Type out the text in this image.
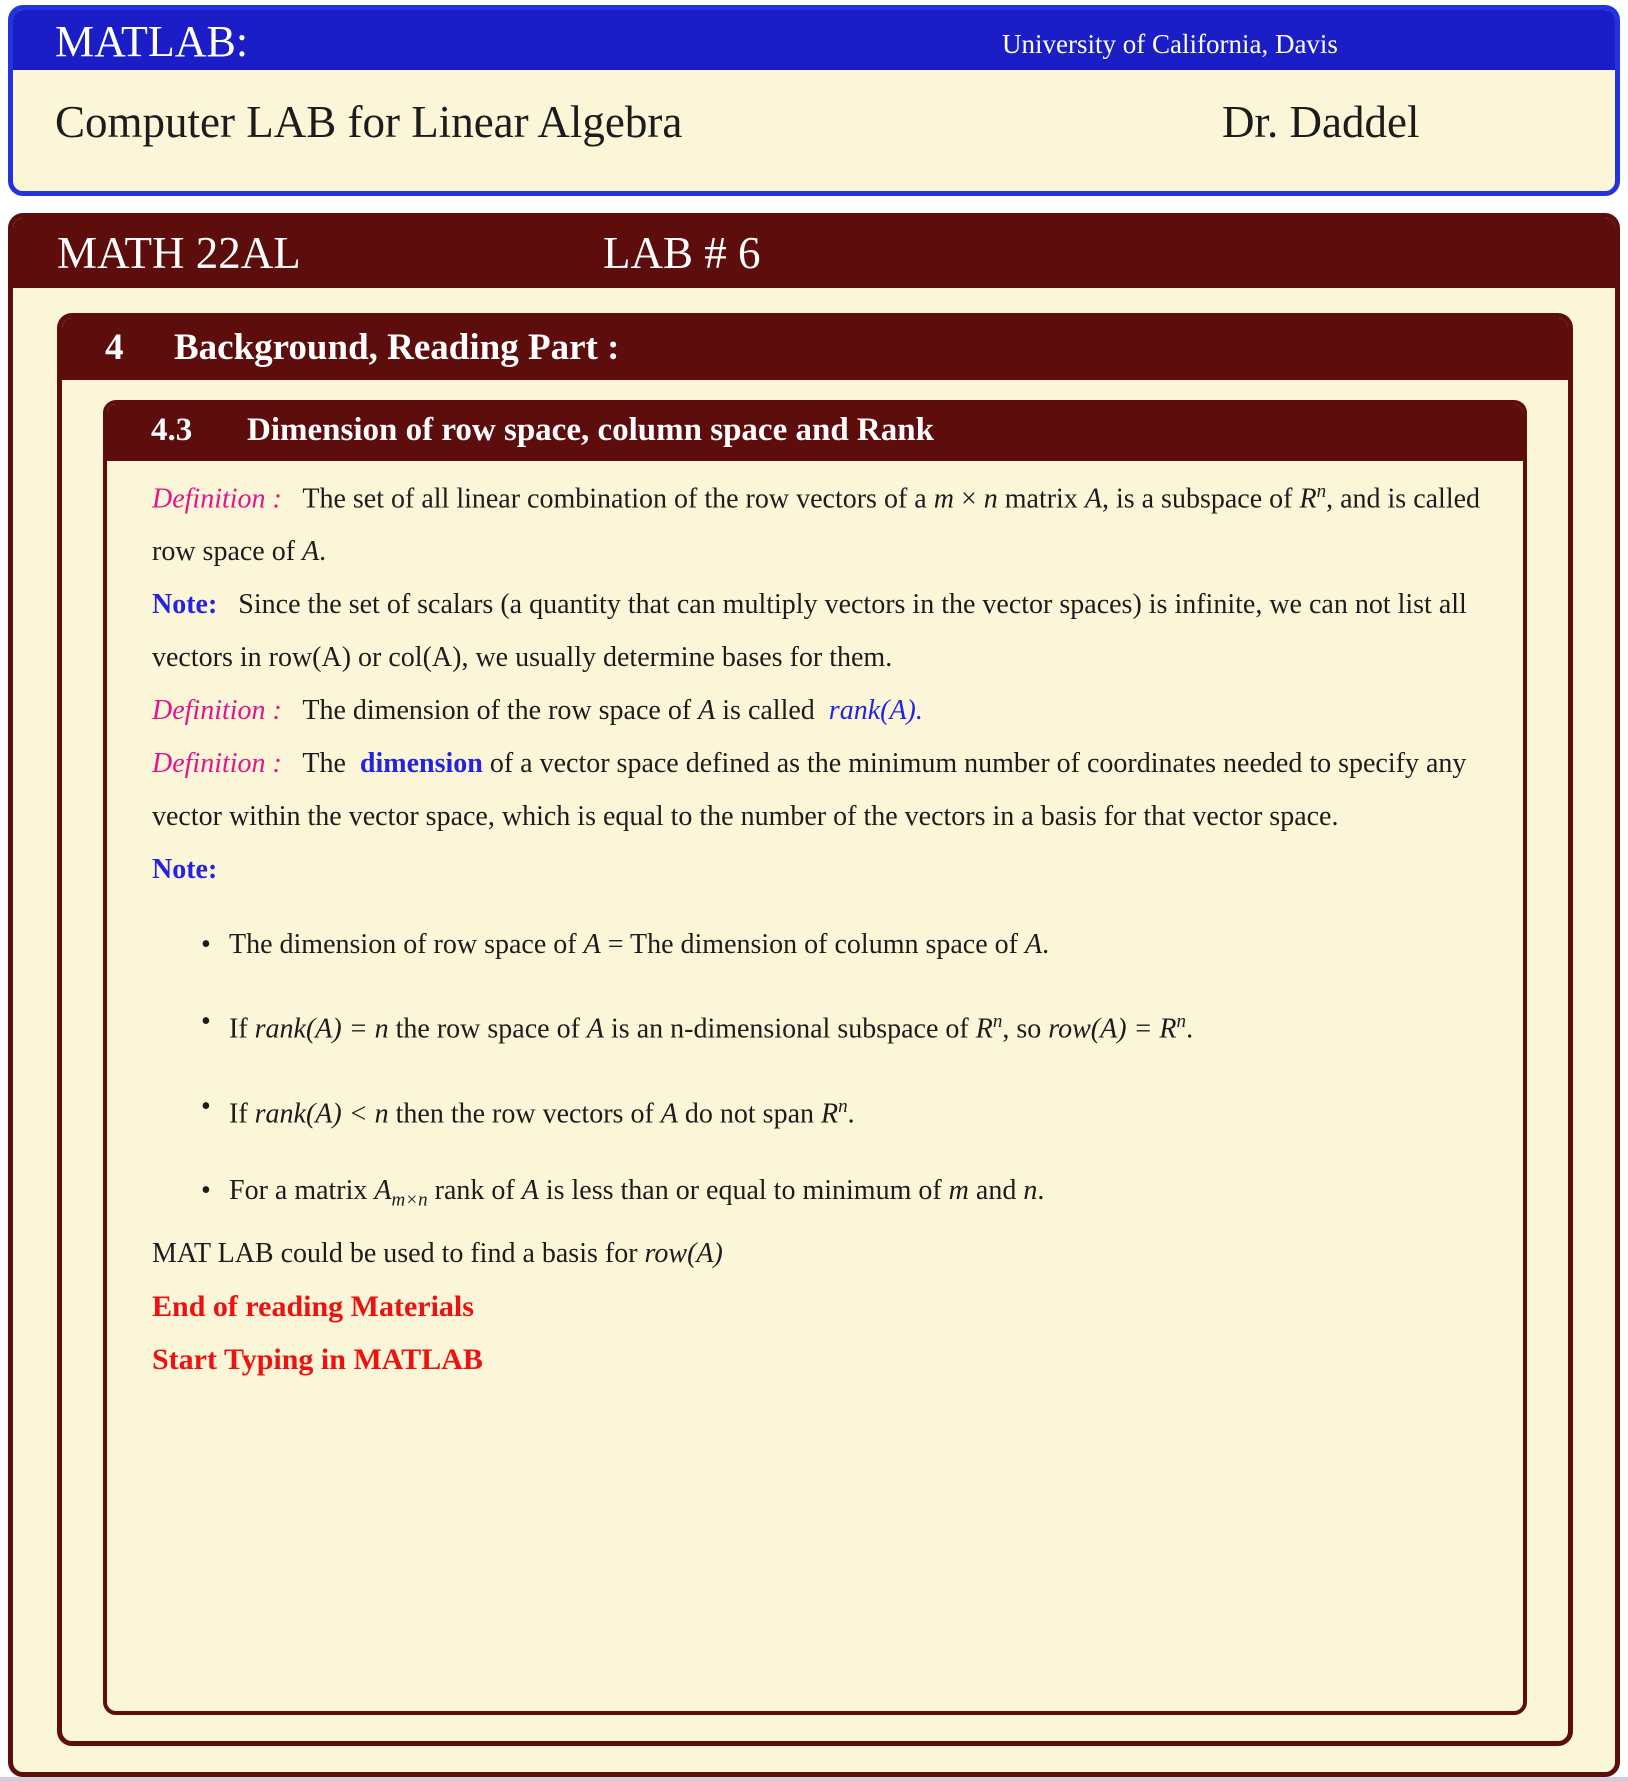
MATLAB:	University of California, Davis
Computer LAB for Linear Algebra	Dr. Daddel
MATH 22AL	LAB # 6
4 Background, Reading Part :
4.3 Dimension of row space, column space and Rank

Definition :   The set of all linear combination of the row vectors of a m × n matrix A, is a subspace of $R^n$, and is called row space of A.

Note:   Since the set of scalars (a quantity that can multiply vectors in the vector spaces) is infinite, we can not list all vectors in row(A) or col(A), we usually determine bases for them.

Definition :   The dimension of the row space of A is called  rank(A).

Definition :   The  dimension of a vector space defined as the minimum number of coordinates needed to specify any vector within the vector space, which is equal to the number of the vectors in a basis for that vector space.

Note:

• The dimension of row space of A = The dimension of column space of A.
• If rank(A) = n the row space of A is an n-dimensional subspace of $R^n$, so $row(A) = R^n$.
• If rank(A) < n then the row vectors of A do not span $R^n$.
• For a matrix $A_{m\times n}$ rank of A is less than or equal to minimum of m and n.

MAT LAB could be used to find a basis for row(A)

End of reading Materials

Start Typing in MATLAB
